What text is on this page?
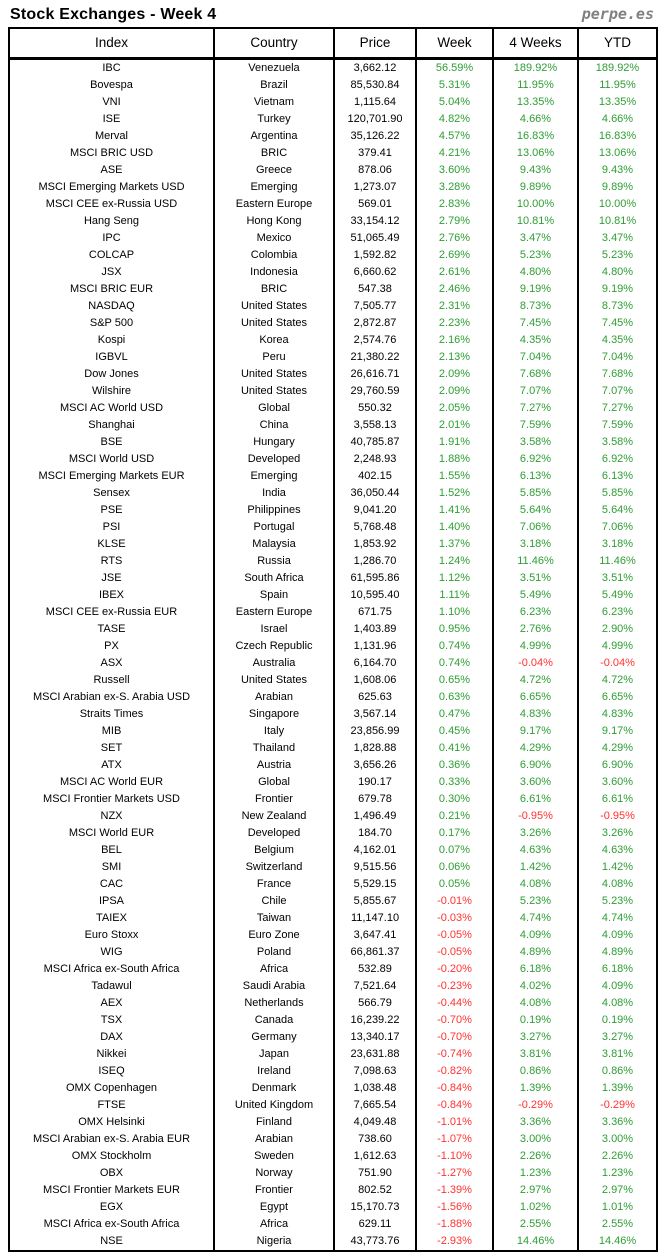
Stock Exchanges - Week 4	perpe.es
Index	Country	Price	Week	4 Weeks	YTD
IBC	Venezuela	3,662.12	56.59%	189.92%	189.92%
Bovespa	Brazil	85,530.84	5.31%	11.95%	11.95%
VNI	Vietnam	1,115.64	5.04%	13.35%	13.35%
ISE	Turkey	120,701.90	4.82%	4.66%	4.66%
Merval	Argentina	35,126.22	4.57%	16.83%	16.83%
MSCI BRIC USD	BRIC	379.41	4.21%	13.06%	13.06%
ASE	Greece	878.06	3.60%	9.43%	9.43%
MSCI Emerging Markets USD	Emerging	1,273.07	3.28%	9.89%	9.89%
MSCI CEE ex-Russia USD	Eastern Europe	569.01	2.83%	10.00%	10.00%
Hang Seng	Hong Kong	33,154.12	2.79%	10.81%	10.81%
IPC	Mexico	51,065.49	2.76%	3.47%	3.47%
COLCAP	Colombia	1,592.82	2.69%	5.23%	5.23%
JSX	Indonesia	6,660.62	2.61%	4.80%	4.80%
MSCI BRIC EUR	BRIC	547.38	2.46%	9.19%	9.19%
NASDAQ	United States	7,505.77	2.31%	8.73%	8.73%
S&P 500	United States	2,872.87	2.23%	7.45%	7.45%
Kospi	Korea	2,574.76	2.16%	4.35%	4.35%
IGBVL	Peru	21,380.22	2.13%	7.04%	7.04%
Dow Jones	United States	26,616.71	2.09%	7.68%	7.68%
Wilshire	United States	29,760.59	2.09%	7.07%	7.07%
MSCI AC World USD	Global	550.32	2.05%	7.27%	7.27%
Shanghai	China	3,558.13	2.01%	7.59%	7.59%
BSE	Hungary	40,785.87	1.91%	3.58%	3.58%
MSCI World USD	Developed	2,248.93	1.88%	6.92%	6.92%
MSCI Emerging Markets EUR	Emerging	402.15	1.55%	6.13%	6.13%
Sensex	India	36,050.44	1.52%	5.85%	5.85%
PSE	Philippines	9,041.20	1.41%	5.64%	5.64%
PSI	Portugal	5,768.48	1.40%	7.06%	7.06%
KLSE	Malaysia	1,853.92	1.37%	3.18%	3.18%
RTS	Russia	1,286.70	1.24%	11.46%	11.46%
JSE	South Africa	61,595.86	1.12%	3.51%	3.51%
IBEX	Spain	10,595.40	1.11%	5.49%	5.49%
MSCI CEE ex-Russia EUR	Eastern Europe	671.75	1.10%	6.23%	6.23%
TASE	Israel	1,403.89	0.95%	2.76%	2.90%
PX	Czech Republic	1,131.96	0.74%	4.99%	4.99%
ASX	Australia	6,164.70	0.74%	-0.04%	-0.04%
Russell	United States	1,608.06	0.65%	4.72%	4.72%
MSCI Arabian ex-S. Arabia USD	Arabian	625.63	0.63%	6.65%	6.65%
Straits Times	Singapore	3,567.14	0.47%	4.83%	4.83%
MIB	Italy	23,856.99	0.45%	9.17%	9.17%
SET	Thailand	1,828.88	0.41%	4.29%	4.29%
ATX	Austria	3,656.26	0.36%	6.90%	6.90%
MSCI AC World EUR	Global	190.17	0.33%	3.60%	3.60%
MSCI Frontier Markets USD	Frontier	679.78	0.30%	6.61%	6.61%
NZX	New Zealand	1,496.49	0.21%	-0.95%	-0.95%
MSCI World EUR	Developed	184.70	0.17%	3.26%	3.26%
BEL	Belgium	4,162.01	0.07%	4.63%	4.63%
SMI	Switzerland	9,515.56	0.06%	1.42%	1.42%
CAC	France	5,529.15	0.05%	4.08%	4.08%
IPSA	Chile	5,855.67	-0.01%	5.23%	5.23%
TAIEX	Taiwan	11,147.10	-0.03%	4.74%	4.74%
Euro Stoxx	Euro Zone	3,647.41	-0.05%	4.09%	4.09%
WIG	Poland	66,861.37	-0.05%	4.89%	4.89%
MSCI Africa ex-South Africa	Africa	532.89	-0.20%	6.18%	6.18%
Tadawul	Saudi Arabia	7,521.64	-0.23%	4.02%	4.09%
AEX	Netherlands	566.79	-0.44%	4.08%	4.08%
TSX	Canada	16,239.22	-0.70%	0.19%	0.19%
DAX	Germany	13,340.17	-0.70%	3.27%	3.27%
Nikkei	Japan	23,631.88	-0.74%	3.81%	3.81%
ISEQ	Ireland	7,098.63	-0.82%	0.86%	0.86%
OMX Copenhagen	Denmark	1,038.48	-0.84%	1.39%	1.39%
FTSE	United Kingdom	7,665.54	-0.84%	-0.29%	-0.29%
OMX Helsinki	Finland	4,049.48	-1.01%	3.36%	3.36%
MSCI Arabian ex-S. Arabia EUR	Arabian	738.60	-1.07%	3.00%	3.00%
OMX Stockholm	Sweden	1,612.63	-1.10%	2.26%	2.26%
OBX	Norway	751.90	-1.27%	1.23%	1.23%
MSCI Frontier Markets EUR	Frontier	802.52	-1.39%	2.97%	2.97%
EGX	Egypt	15,170.73	-1.56%	1.02%	1.01%
MSCI Africa ex-South Africa	Africa	629.11	-1.88%	2.55%	2.55%
NSE	Nigeria	43,773.76	-2.93%	14.46%	14.46%
